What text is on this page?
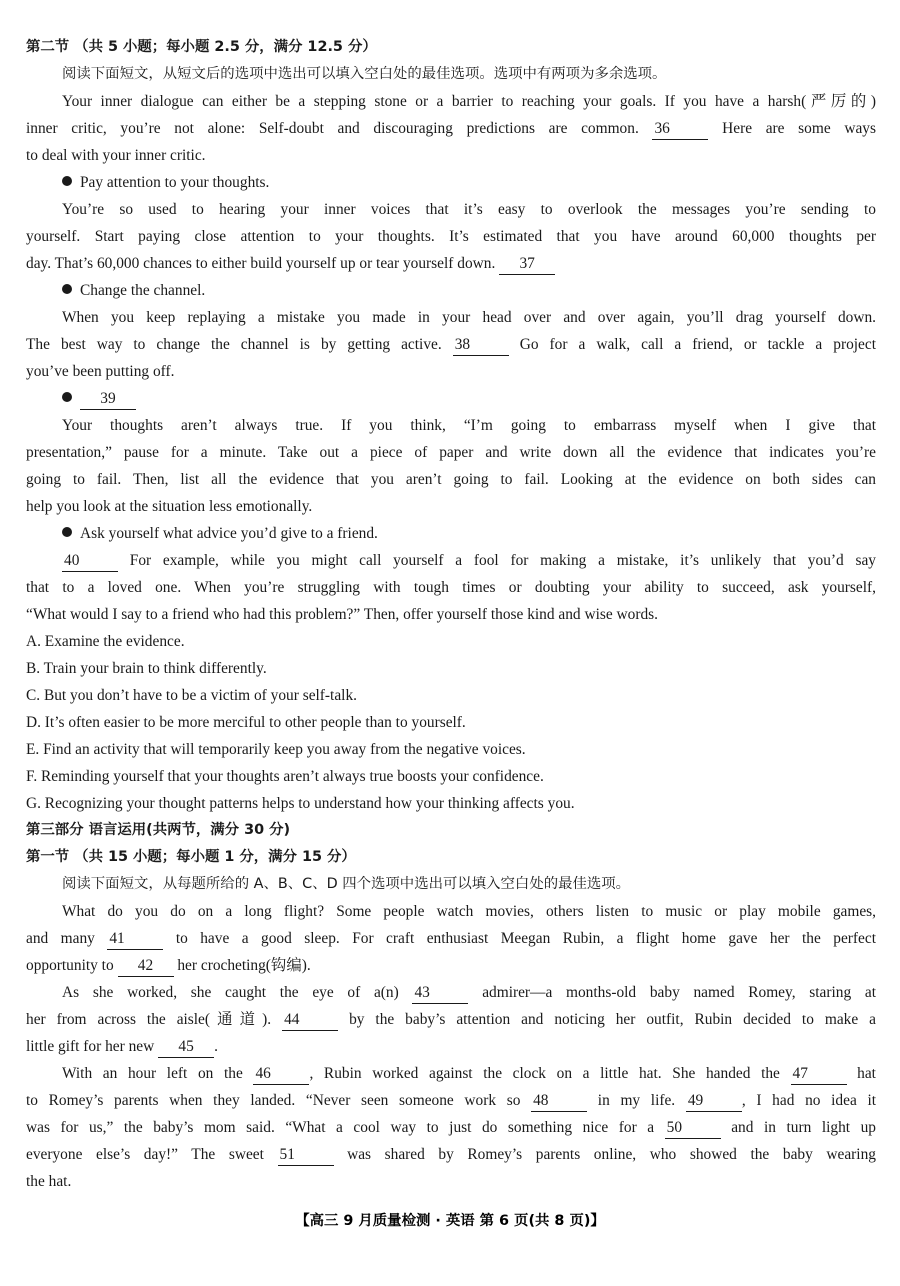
第二节 （共 5 小题；每小题 2.5 分，满分 12.5 分）
阅读下面短文，从短文后的选项中选出可以填入空白处的最佳选项。选项中有两项为多余选项。
Your inner dialogue can either be a stepping stone or a barrier to reaching your goals. If you have a harsh(严厉的)
inner critic, you’re not alone: Self-doubt and discouraging predictions are common. 36	Here are some ways
to deal with your inner critic.
Pay attention to your thoughts.
You’re so used to hearing your inner voices that it’s easy to overlook the messages you’re sending to
yourself. Start paying close attention to your thoughts. It’s estimated that you have around 60,000 thoughts per
day. That’s 60,000 chances to either build yourself up or tear yourself down. 37
Change the channel.
When you keep replaying a mistake you made in your head over and over again, you’ll drag yourself down.
The best way to change the channel is by getting active. 38	Go for a walk, call a friend, or tackle a project
you’ve been putting off.
39
Your thoughts aren’t always true. If you think, “I’m going to embarrass myself when I give that
presentation,” pause for a minute. Take out a piece of paper and write down all the evidence that indicates you’re
going to fail. Then, list all the evidence that you aren’t going to fail. Looking at the evidence on both sides can
help you look at the situation less emotionally.
Ask yourself what advice you’d give to a friend.
40	For example, while you might call yourself a fool for making a mistake, it’s unlikely that you’d say
that to a loved one. When you’re struggling with tough times or doubting your ability to succeed, ask yourself,
“What would I say to a friend who had this problem?” Then, offer yourself those kind and wise words.
A. Examine the evidence.
B. Train your brain to think differently.
C. But you don’t have to be a victim of your self-talk.
D. It’s often easier to be more merciful to other people than to yourself.
E. Find an activity that will temporarily keep you away from the negative voices.
F. Reminding yourself that your thoughts aren’t always true boosts your confidence.
G. Recognizing your thought patterns helps to understand how your thinking affects you.
第三部分 语言运用(共两节，满分 30 分)
第一节 （共 15 小题；每小题 1 分，满分 15 分）
阅读下面短文，从每题所给的 A、B、C、D 四个选项中选出可以填入空白处的最佳选项。
What do you do on a long flight? Some people watch movies, others listen to music or play mobile games,
and many 41	to have a good sleep. For craft enthusiast Meegan Rubin, a flight home gave her the perfect
opportunity to 42 her crocheting(钩编).
As she worked, she caught the eye of a(n) 43	admirer—a months-old baby named Romey, staring at
her from across the aisle(通道). 44	by the baby’s attention and noticing her outfit, Rubin decided to make a
little gift for her new 45 .
With an hour left on the 46	, Rubin worked against the clock on a little hat. She handed the 47	hat
to Romey’s parents when they landed. “Never seen someone work so 48	in my life. 49	, I had no idea it
was for us,” the baby’s mom said. “What a cool way to just do something nice for a 50	and in turn light up
everyone else’s day!” The sweet 51	was shared by Romey’s parents online, who showed the baby wearing
the hat.
【高三 9 月质量检测 · 英语 第 6 页(共 8 页)】
